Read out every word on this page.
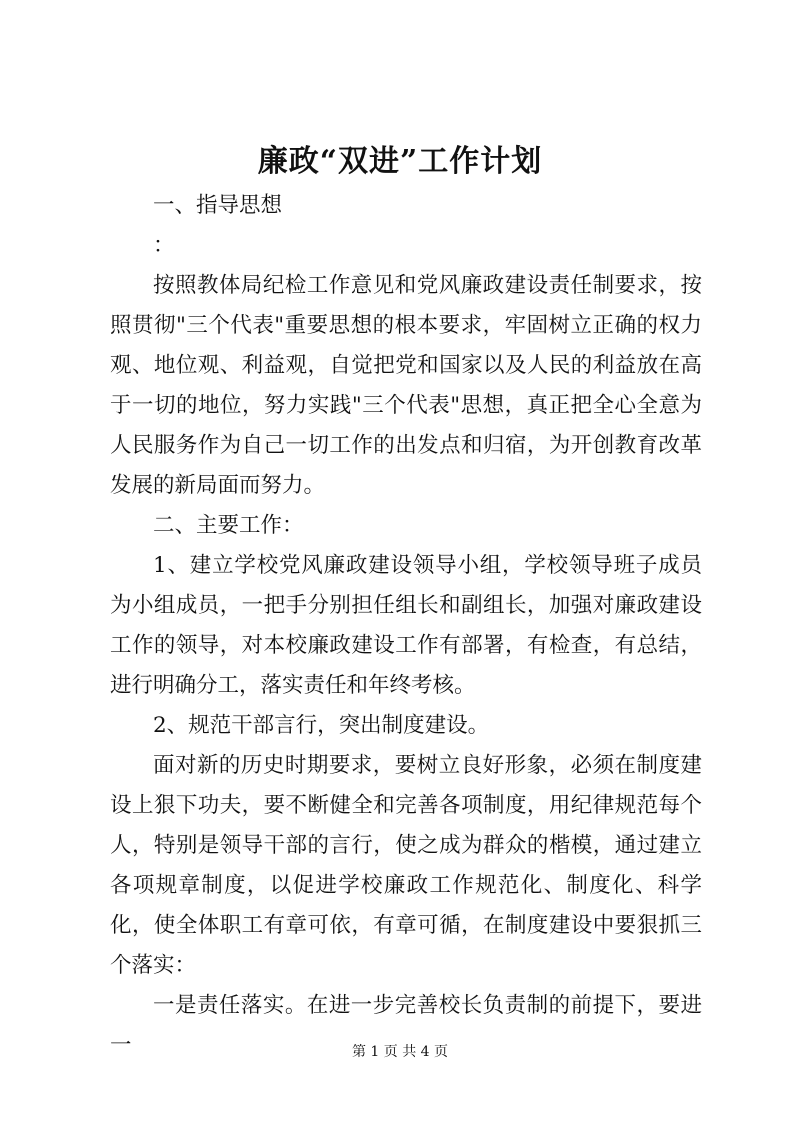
廉政“双进”工作计划

一、指导思想

：

按照教体局纪检工作意见和党风廉政建设责任制要求，按照贯彻"三个代表"重要思想的根本要求，牢固树立正确的权力观、地位观、利益观，自觉把党和国家以及人民的利益放在高于一切的地位，努力实践"三个代表"思想，真正把全心全意为人民服务作为自己一切工作的出发点和归宿，为开创教育改革发展的新局面而努力。

二、主要工作：

1、建立学校党风廉政建设领导小组，学校领导班子成员为小组成员，一把手分别担任组长和副组长，加强对廉政建设工作的领导，对本校廉政建设工作有部署，有检查，有总结，进行明确分工，落实责任和年终考核。

2、规范干部言行，突出制度建设。

面对新的历史时期要求，要树立良好形象，必须在制度建设上狠下功夫，要不断健全和完善各项制度，用纪律规范每个人，特别是领导干部的言行，使之成为群众的楷模，通过建立各项规章制度，以促进学校廉政工作规范化、制度化、科学化，使全体职工有章可依，有章可循，在制度建设中要狠抓三个落实：

一是责任落实。在进一步完善校长负责制的前提下，要进一	第 1 页 共 4 页
